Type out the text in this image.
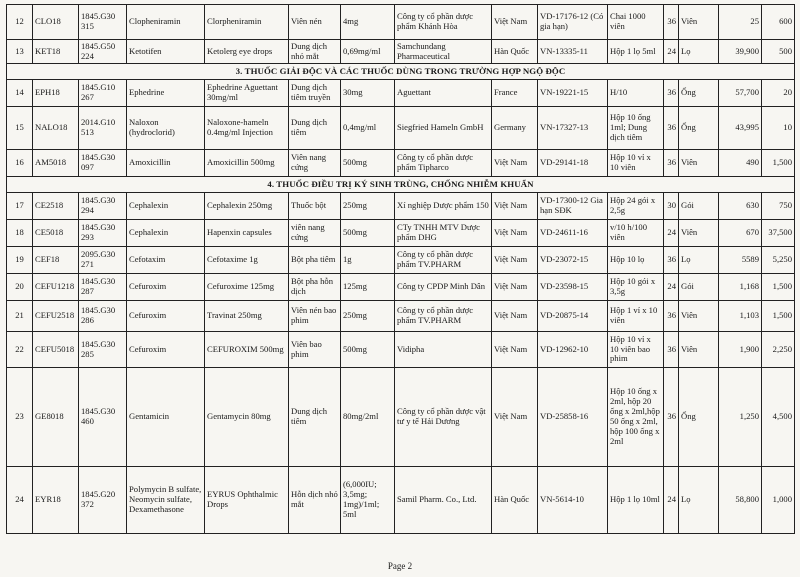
12	CLO18	1845.G30 315	Clopheniramin	Clorpheniramin	Viên nén	4mg	Công ty cổ phần dược phẩm Khánh Hòa	Việt Nam	VD-17176-12 (Có gia hạn)	Chai 1000 viên	36	Viên	25	600
13	KET18	1845.G50 224	Ketotifen	Ketolerg eye drops	Dung dịch nhỏ mắt	0,69mg/ml	Samchundang Pharmaceutical	Hàn Quốc	VN-13335-11	Hộp 1 lọ 5ml	24	Lọ	39,900	500
3. THUỐC GIẢI ĐỘC VÀ CÁC THUỐC DÙNG TRONG TRƯỜNG HỢP NGỘ ĐỘC														
14	EPH18	1845.G10 267	Ephedrine	Ephedrine Aguettant 30mg/ml	Dung dịch tiêm truyền	30mg	Aguettant	France	VN-19221-15	H/10	36	Ống	57,700	20
15	NALO18	2014.G10 513	Naloxon (hydroclorid)	Naloxone-hameln 0.4mg/ml Injection	Dung dịch tiêm	0,4mg/ml	Siegfried Hameln GmbH	Germany	VN-17327-13	Hộp 10 ống 1ml; Dung dịch tiêm	36	Ống	43,995	10
16	AM5018	1845.G30 097	Amoxicillin	Amoxicillin 500mg	Viên nang cứng	500mg	Công ty cổ phần dược phẩm Tipharco	Việt Nam	VD-29141-18	Hộp 10 vỉ x 10 viên	36	Viên	490	1,500
4. THUỐC ĐIỀU TRỊ KÝ SINH TRÙNG, CHỐNG NHIỄM KHUẨN														
17	CE2518	1845.G30 294	Cephalexin	Cephalexin 250mg	Thuốc bột	250mg	Xí nghiệp Dược phẩm 150	Việt Nam	VD-17300-12 Gia hạn SĐK	Hộp 24 gói x 2,5g	30	Gói	630	750
18	CE5018	1845.G30 293	Cephalexin	Hapenxin capsules	viên nang cứng	500mg	CTy TNHH MTV Dược phẩm DHG	Việt Nam	VD-24611-16	v/10 h/100 viên	24	Viên	670	37,500
19	CEF18	2095.G30 271	Cefotaxim	Cefotaxime 1g	Bột pha tiêm	1g	Công ty cổ phần dược phẩm TV.PHARM	Việt Nam	VD-23072-15	Hộp 10 lọ	36	Lọ	5589	5,250
20	CEFU1218	1845.G30 287	Cefuroxim	Cefuroxime 125mg	Bột pha hỗn dịch	125mg	Công ty CPDP Minh Dân	Việt Nam	VD-23598-15	Hộp 10 gói x 3,5g	24	Gói	1,168	1,500
21	CEFU2518	1845.G30 286	Cefuroxim	Travinat 250mg	Viên nén bao phim	250mg	Công ty cổ phần dược phẩm TV.PHARM	Việt Nam	VD-20875-14	Hộp 1 vỉ x 10 viên	36	Viên	1,103	1,500
22	CEFU5018	1845.G30 285	Cefuroxim	CEFUROXIM 500mg	Viên bao phim	500mg	Vidipha	Việt Nam	VD-12962-10	Hộp 10 vỉ x 10 viên bao phim	36	Viên	1,900	2,250
23	GE8018	1845.G30 460	Gentamicin	Gentamycin 80mg	Dung dịch tiêm	80mg/2ml	Công ty cổ phần dược vật tư y tế Hải Dương	Việt Nam	VD-25858-16	Hộp 10 ống x 2ml, hộp 20 ống x 2ml,hộp 50 ống x 2ml, hộp 100 ống x 2ml	36	Ống	1,250	4,500
24	EYR18	1845.G20 372	Polymycin B sulfate, Neomycin sulfate, Dexamethasone	EYRUS Ophthalmic Drops	Hỗn dịch nhỏ mắt	(6,000IU; 3,5mg; 1mg)/1ml; 5ml	Samil Pharm. Co., Ltd.	Hàn Quốc	VN-5614-10	Hộp 1 lọ 10ml	24	Lọ	58,800	1,000
Page 2
